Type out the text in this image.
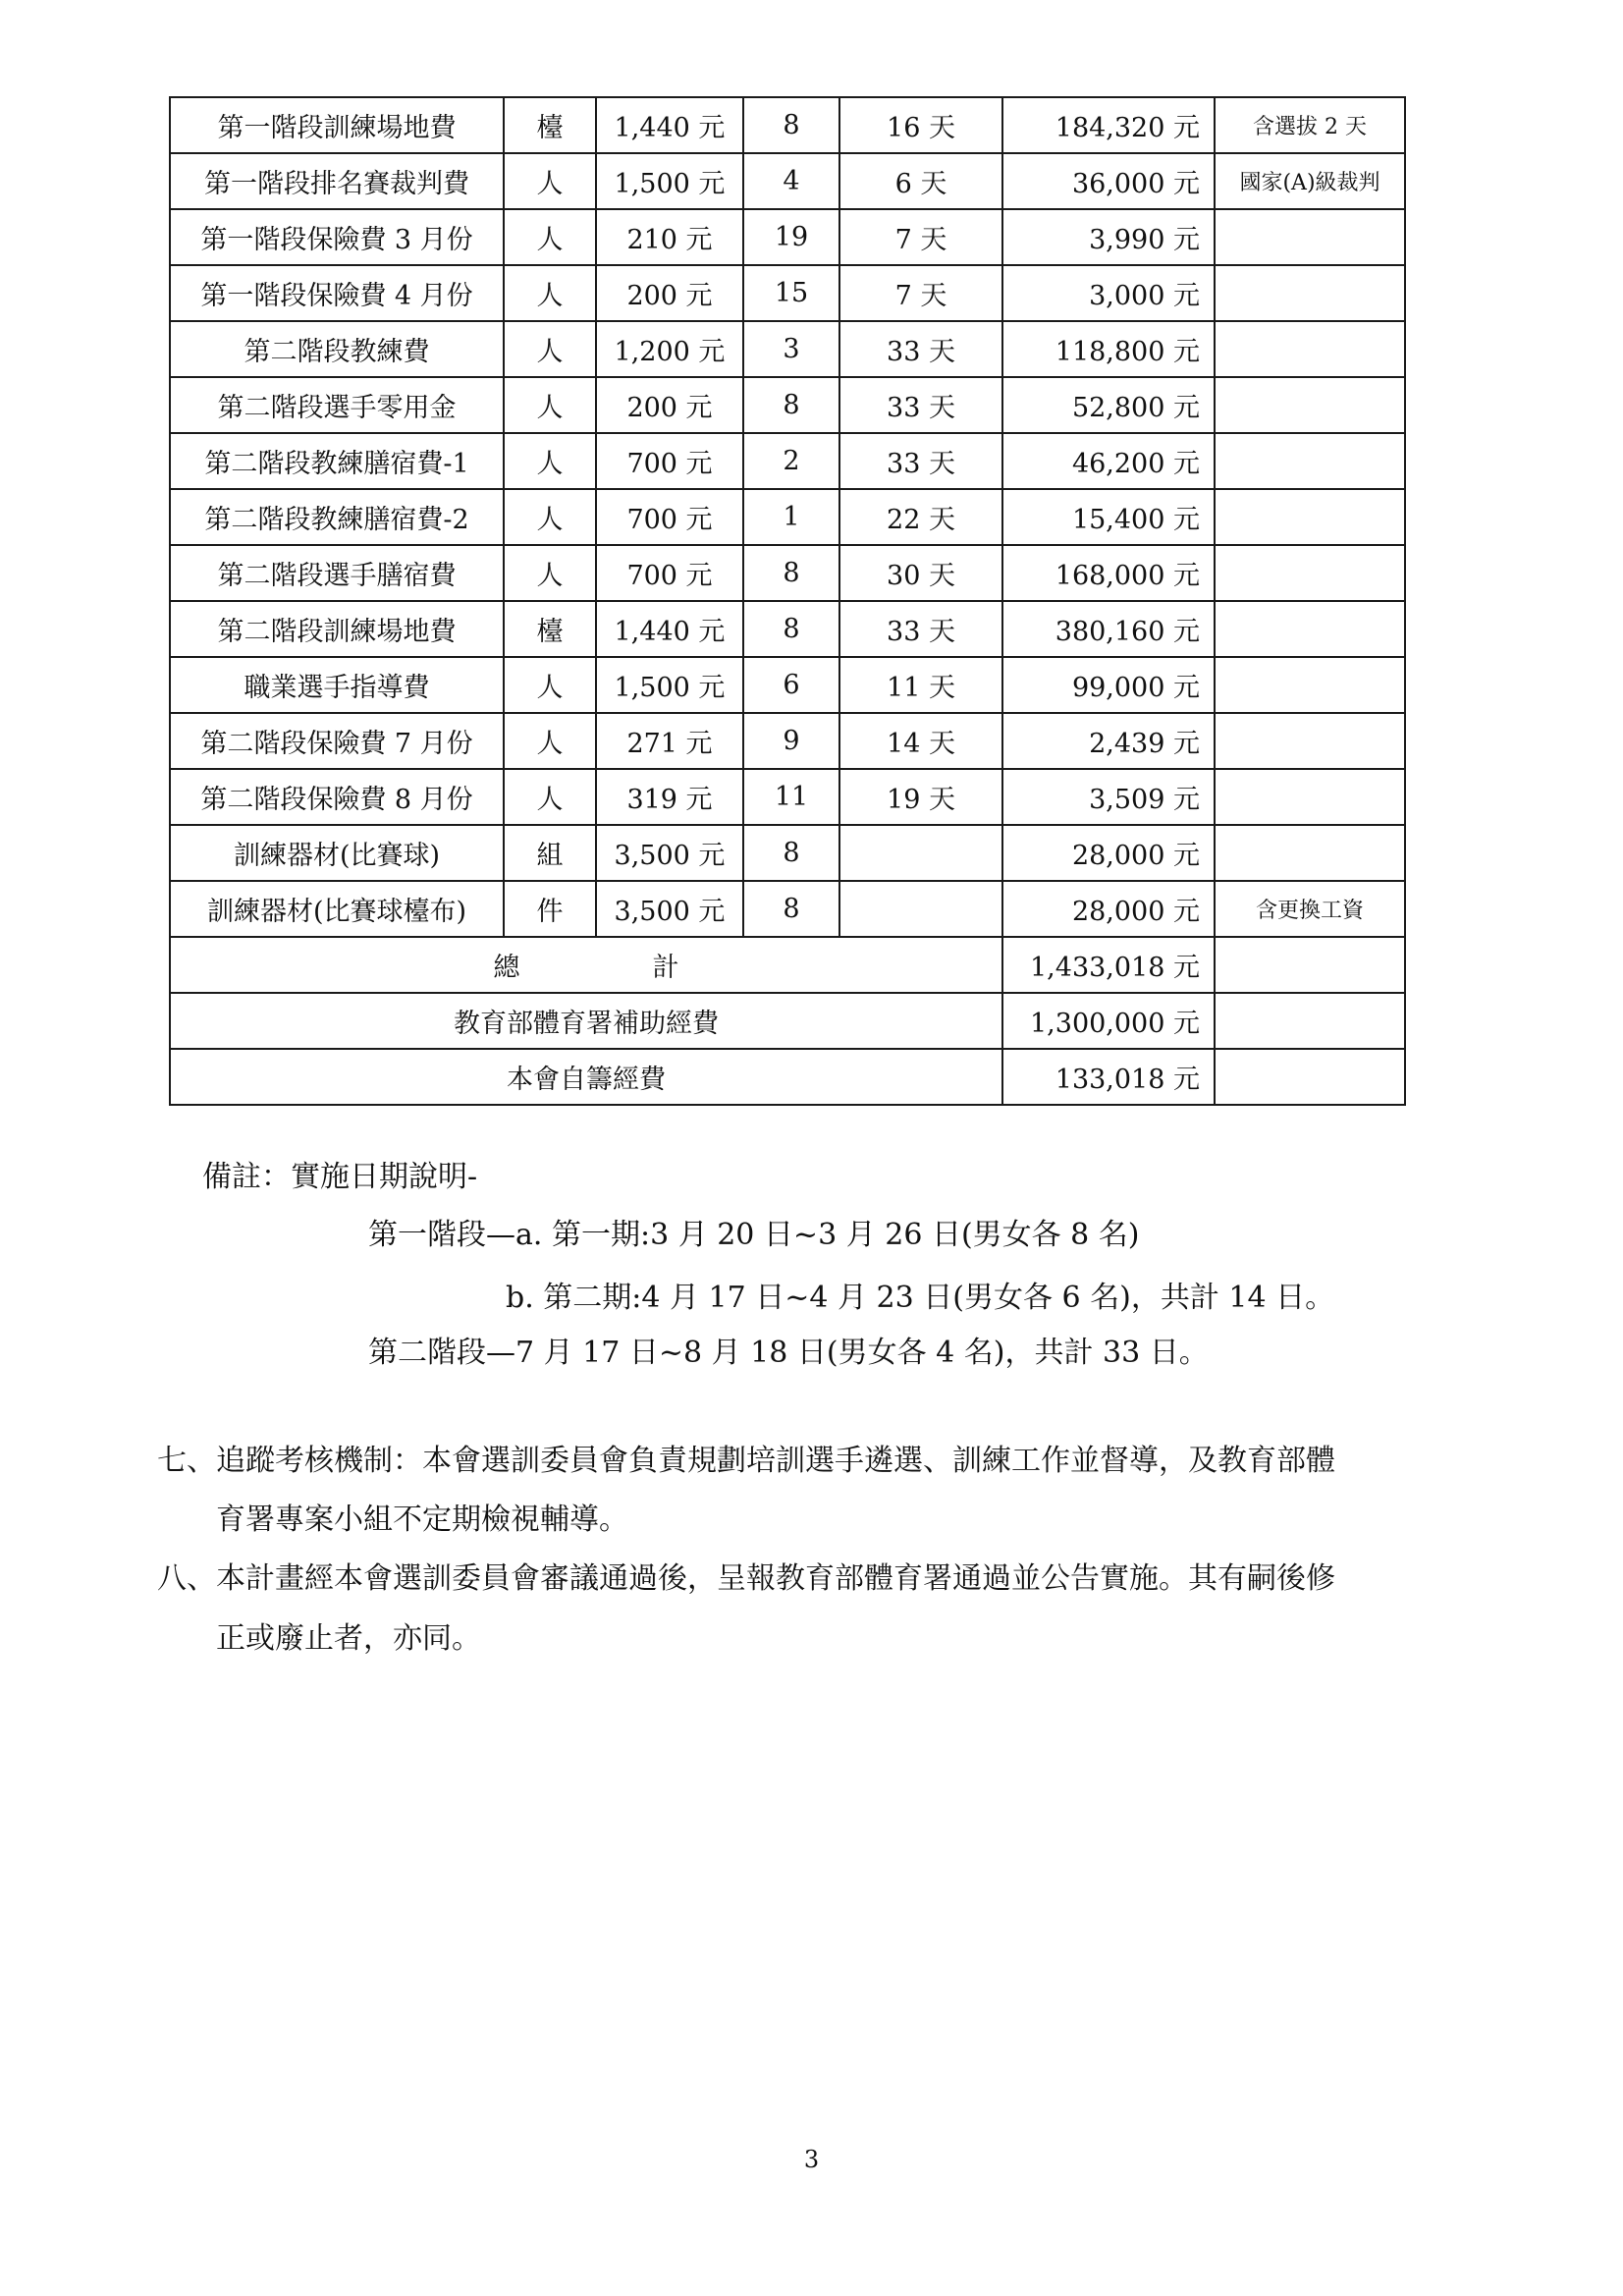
第一階段訓練場地費	檯	1,440 元	8	16 天	184,320 元	含選拔 2 天
第一階段排名賽裁判費	人	1,500 元	4	6 天	36,000 元	國家(A)級裁判
第一階段保險費 3 月份	人	210 元	19	7 天	3,990 元	
第一階段保險費 4 月份	人	200 元	15	7 天	3,000 元	
第二階段教練費	人	1,200 元	3	33 天	118,800 元	
第二階段選手零用金	人	200 元	8	33 天	52,800 元	
第二階段教練膳宿費-1	人	700 元	2	33 天	46,200 元	
第二階段教練膳宿費-2	人	700 元	1	22 天	15,400 元	
第二階段選手膳宿費	人	700 元	8	30 天	168,000 元	
第二階段訓練場地費	檯	1,440 元	8	33 天	380,160 元	
職業選手指導費	人	1,500 元	6	11 天	99,000 元	
第二階段保險費 7 月份	人	271 元	9	14 天	2,439 元	
第二階段保險費 8 月份	人	319 元	11	19 天	3,509 元	
訓練器材(比賽球)	組	3,500 元	8		28,000 元	
訓練器材(比賽球檯布)	件	3,500 元	8		28,000 元	含更換工資
總　　　　　計					1,433,018 元	
教育部體育署補助經費					1,300,000 元	
本會自籌經費					133,018 元	
備註：實施日期說明-
第一階段—a. 第一期:3 月 20 日~3 月 26 日(男女各 8 名)
b. 第二期:4 月 17 日~4 月 23 日(男女各 6 名)，共計 14 日。
第二階段—7 月 17 日~8 月 18 日(男女各 4 名)，共計 33 日。
七、追蹤考核機制：本會選訓委員會負責規劃培訓選手遴選、訓練工作並督導，及教育部體
育署專案小組不定期檢視輔導。
八、本計畫經本會選訓委員會審議通過後，呈報教育部體育署通過並公告實施。其有嗣後修
正或廢止者，亦同。
3
